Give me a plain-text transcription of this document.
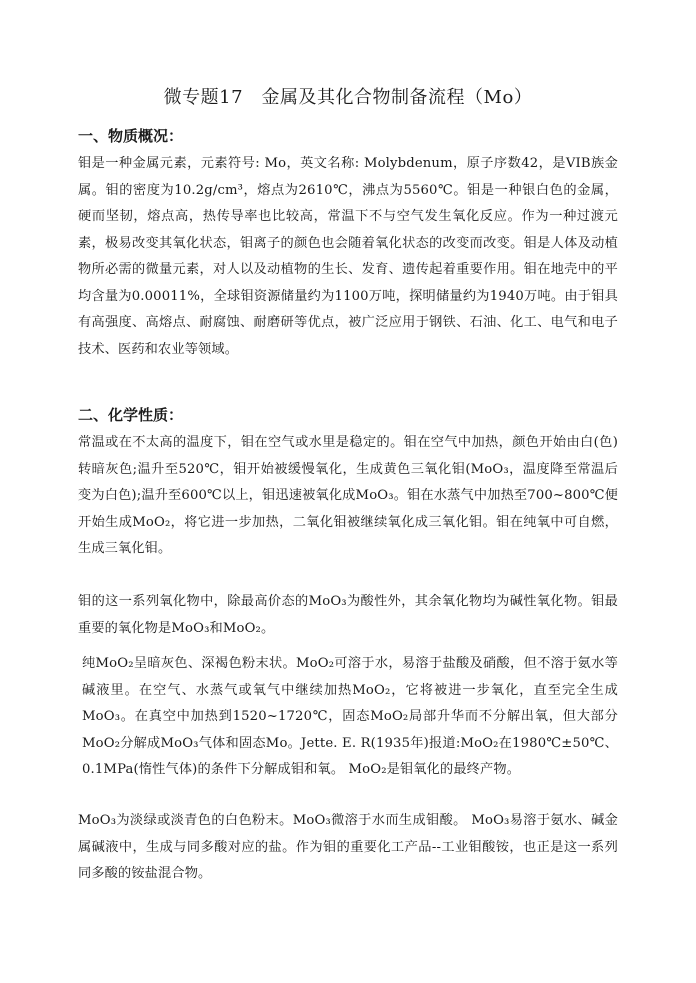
微专题17　金属及其化合物制备流程（Mo）
一、物质概况：

钼是一种金属元素，元素符号: Mo，英文名称: Molybdenum，原子序数42，是VIB族金属。钼的密度为10.2g/cm³，熔点为2610℃，沸点为5560℃。钼是一种银白色的金属，硬而坚韧，熔点高，热传导率也比较高，常温下不与空气发生氧化反应。作为一种过渡元素，极易改变其氧化状态，钼离子的颜色也会随着氧化状态的改变而改变。钼是人体及动植物所必需的微量元素，对人以及动植物的生长、发育、遗传起着重要作用。钼在地壳中的平均含量为0.00011%，全球钼资源储量约为1100万吨，探明储量约为1940万吨。由于钼具有高强度、高熔点、耐腐蚀、耐磨研等优点，被广泛应用于钢铁、石油、化工、电气和电子技术、医药和农业等领域。

二、化学性质：

常温或在不太高的温度下，钼在空气或水里是稳定的。钼在空气中加热，颜色开始由白(色)转暗灰色;温升至520℃，钼开始被缓慢氧化，生成黄色三氧化钼(MoO₃，温度降至常温后变为白色);温升至600℃以上，钼迅速被氧化成MoO₃。钼在水蒸气中加热至700~800℃便开始生成MoO₂，将它进一步加热，二氧化钼被继续氧化成三氧化钼。钼在纯氧中可自燃，生成三氧化钼。

钼的这一系列氧化物中，除最高价态的MoO₃为酸性外，其余氧化物均为碱性氧化物。钼最重要的氧化物是MoO₃和MoO₂。

纯MoO₂呈暗灰色、深褐色粉末状。MoO₂可溶于水，易溶于盐酸及硝酸，但不溶于氨水等碱液里。在空气、水蒸气或氧气中继续加热MoO₂，它将被进一步氧化，直至完全生成MoO₃。在真空中加热到1520~1720℃，固态MoO₂局部升华而不分解出氧，但大部分MoO₂分解成MoO₃气体和固态Mo。Jette. E. R(1935年)报道:MoO₂在1980℃±50℃、0.1MPa(惰性气体)的条件下分解成钼和氧。 MoO₂是钼氧化的最终产物。

MoO₃为淡绿或淡青色的白色粉末。MoO₃微溶于水而生成钼酸。 MoO₃易溶于氨水、碱金属碱液中，生成与同多酸对应的盐。作为钼的重要化工产品--工业钼酸铵，也正是这一系列同多酸的铵盐混合物。
